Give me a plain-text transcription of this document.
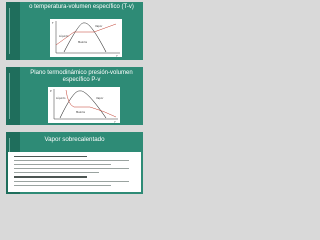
o temperatura-volumen específico (T-v)
T
v
Vapor
Líquido
Mezcla
Plano termodinámico presión-volumen específico P-v
P
v
Líquido
Mezcla
Vapor
Vapor sobrecalentado
